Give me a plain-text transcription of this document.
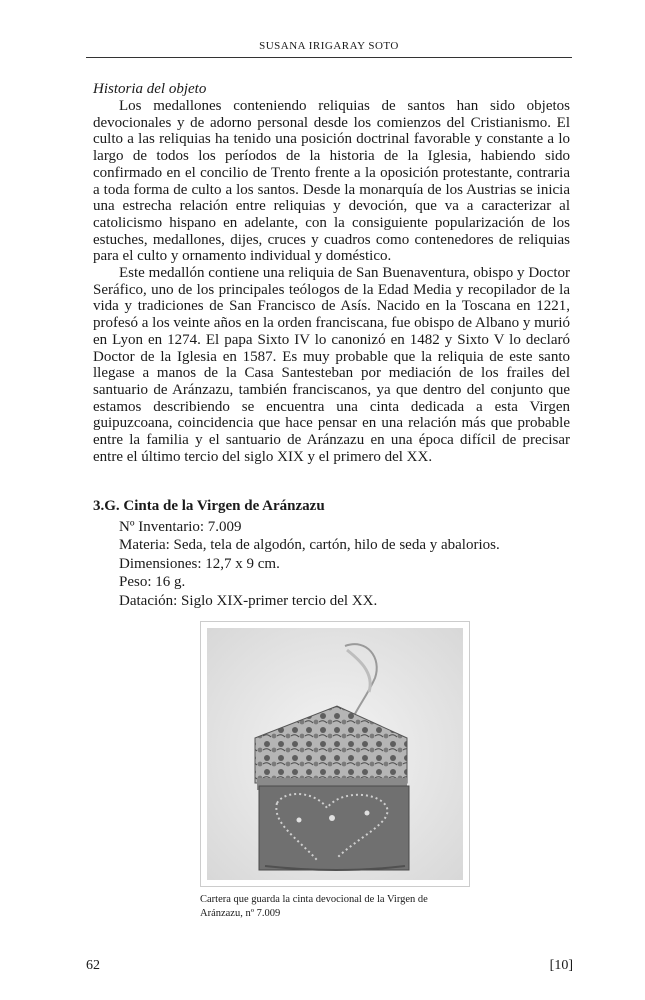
SUSANA IRIGARAY SOTO
Historia del objeto

Los medallones conteniendo reliquias de santos han sido objetos devocionales y de adorno personal desde los comienzos del Cristianismo. El culto a las reliquias ha tenido una posición doctrinal favorable y constante a lo largo de todos los períodos de la historia de la Iglesia, habiendo sido confirmado en el concilio de Trento frente a la oposición protestante, contraria a toda forma de culto a los santos. Desde la monarquía de los Austrias se inicia una estrecha relación entre reliquias y devoción, que va a caracterizar al catolicismo hispano en adelante, con la consiguiente popularización de los estuches, medallones, dijes, cruces y cuadros como contenedores de reliquias para el culto y ornamento individual y doméstico.

Este medallón contiene una reliquia de San Buenaventura, obispo y Doctor Seráfico, uno de los principales teólogos de la Edad Media y recopilador de la vida y tradiciones de San Francisco de Asís. Nacido en la Toscana en 1221, profesó a los veinte años en la orden franciscana, fue obispo de Albano y murió en Lyon en 1274. El papa Sixto IV lo canonizó en 1482 y Sixto V lo declaró Doctor de la Iglesia en 1587. Es muy probable que la reliquia de este santo llegase a manos de la Casa Santesteban por mediación de los frailes del santuario de Aránzazu, también franciscanos, ya que dentro del conjunto que estamos describiendo se encuentra una cinta dedicada a esta Virgen guipuzcoana, coincidencia que hace pensar en una relación más que probable entre la familia y el santuario de Aránzazu en una época difícil de precisar entre el último tercio del siglo XIX y el primero del XX.

3.G. Cinta de la Virgen de Aránzazu
Nº Inventario: 7.009
Materia: Seda, tela de algodón, cartón, hilo de seda y abalorios.
Dimensiones: 12,7 x 9 cm.
Peso: 16 g.
Datación: Siglo XIX-primer tercio del XX.
Cartera que guarda la cinta devocional de la Virgen de
Aránzazu, nº 7.009
62	[10]
